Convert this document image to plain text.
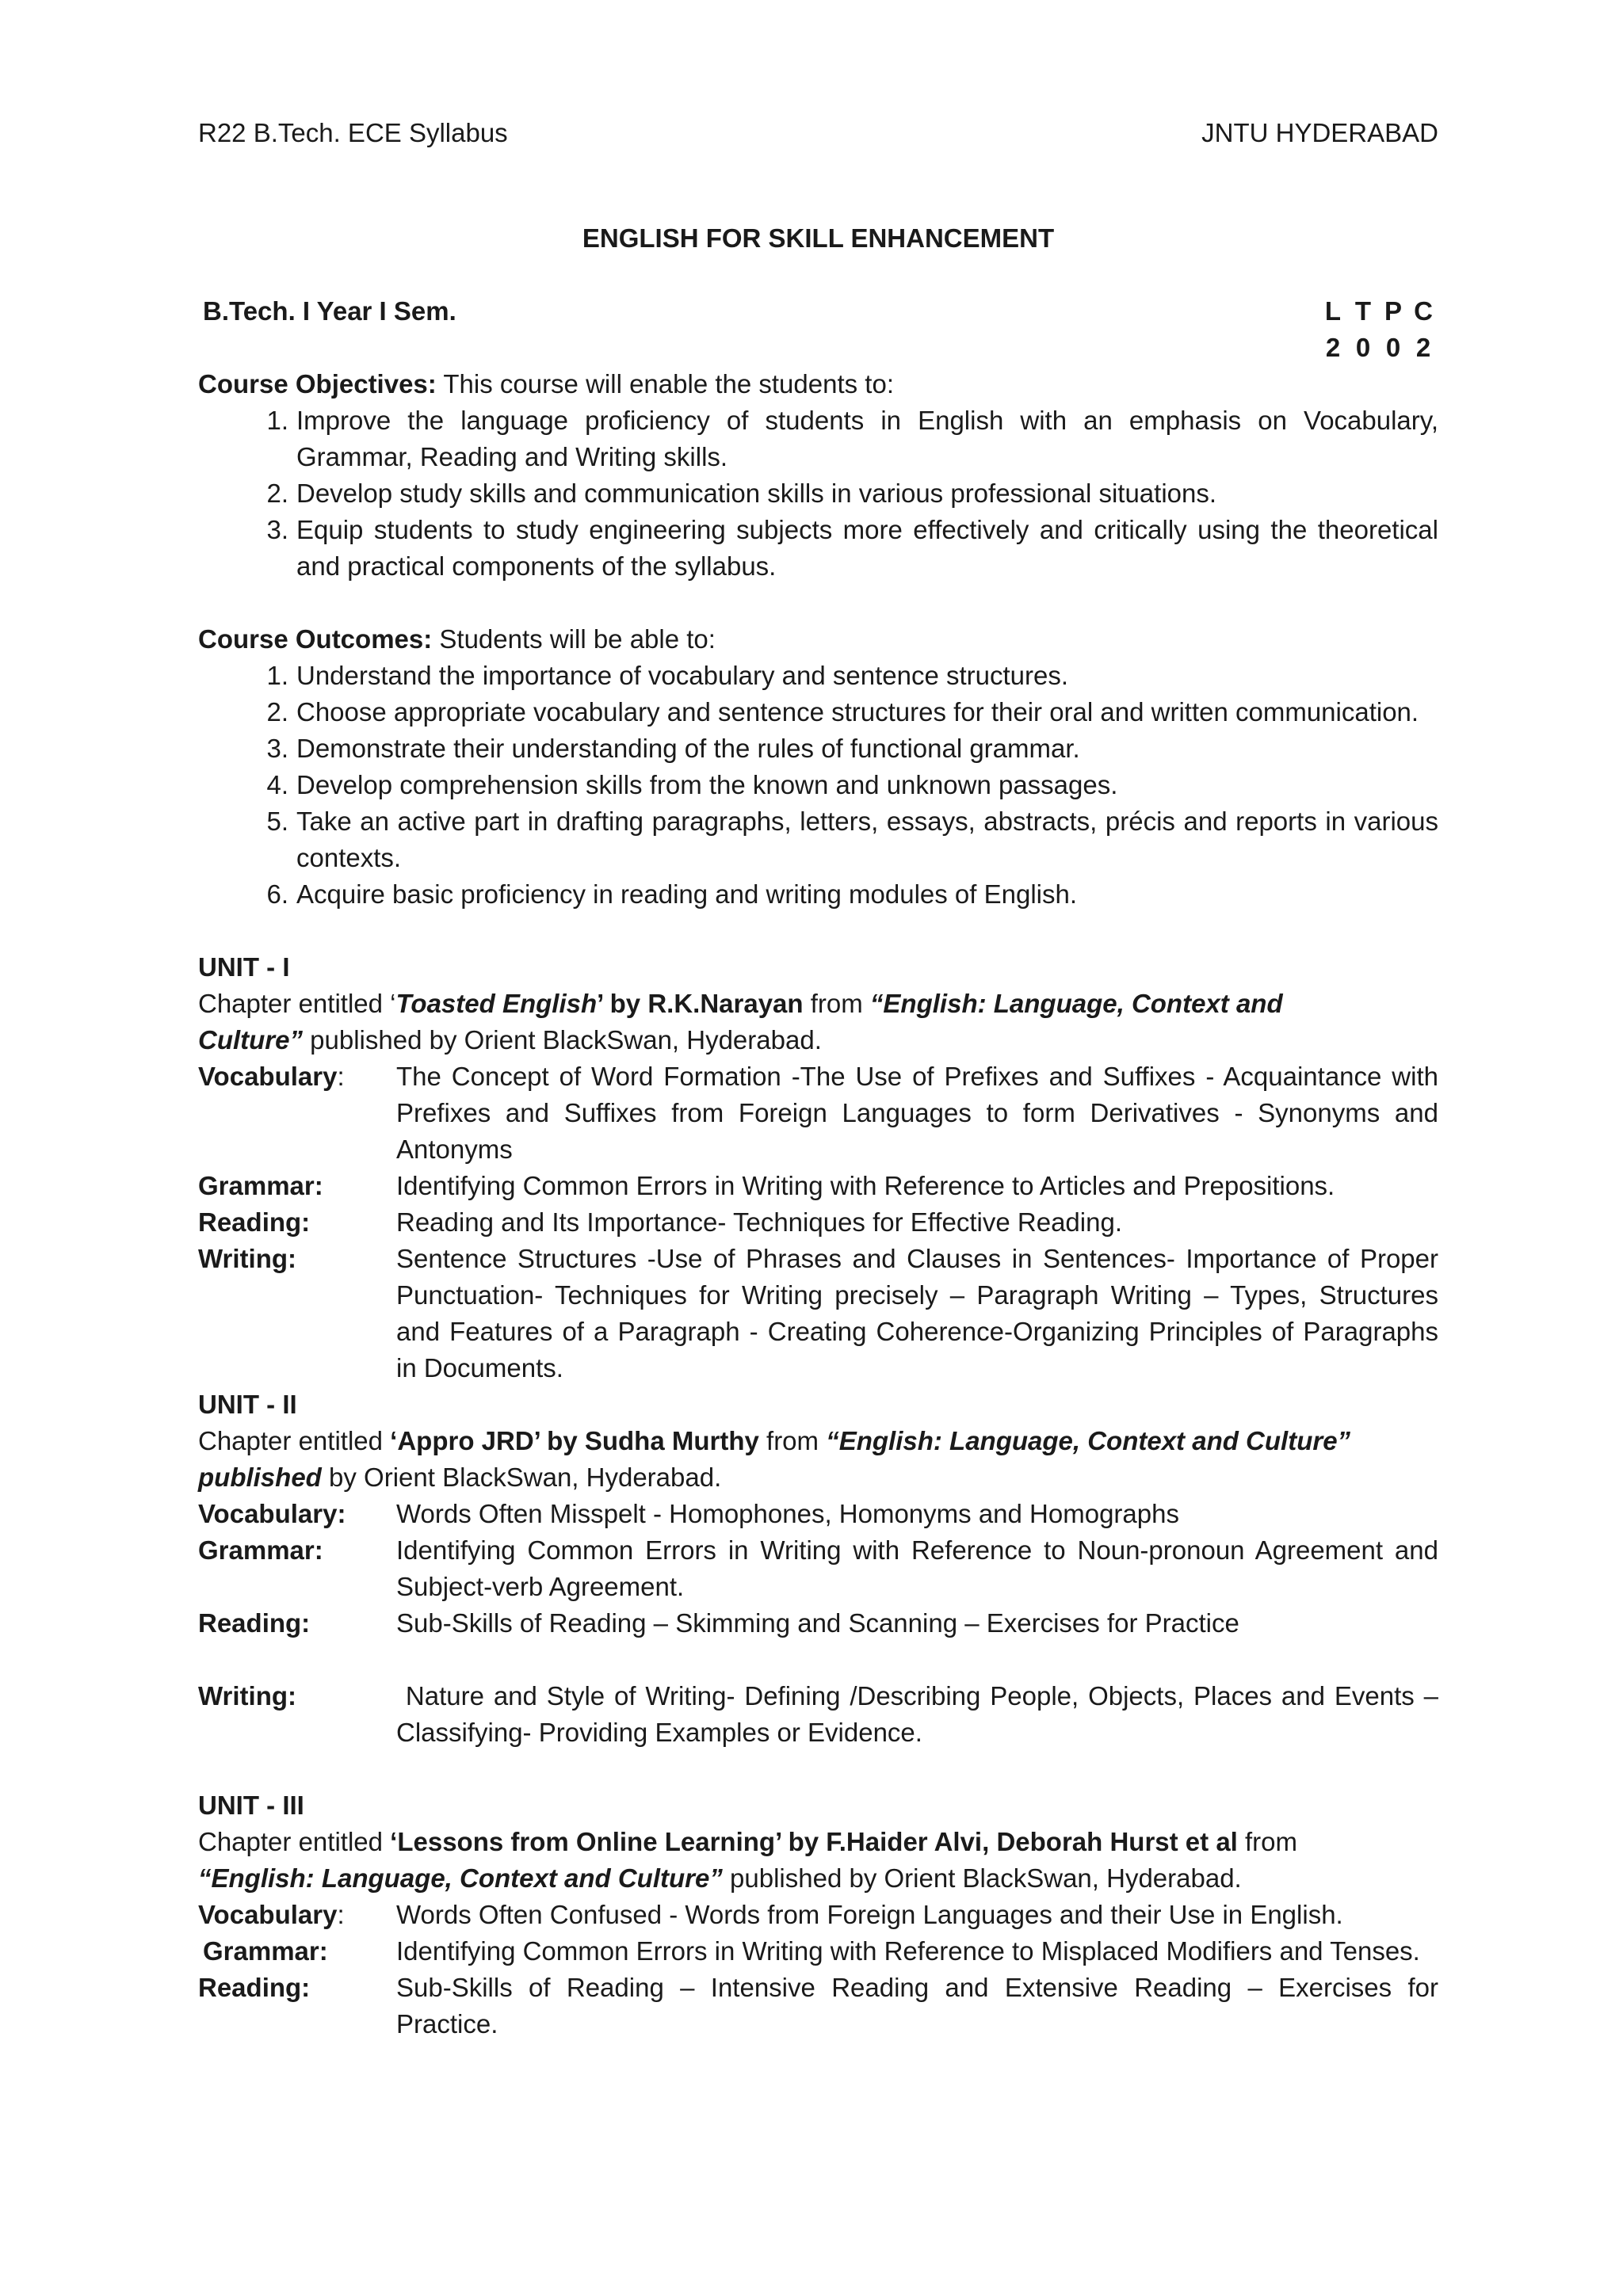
R22 B.Tech. ECE Syllabus	JNTU HYDERABAD
ENGLISH FOR SKILL ENHANCEMENT
B.Tech. I Year I Sem.	L T P C
2 0 0 2
Course Objectives: This course will enable the students to:
1. Improve the language proficiency of students in English with an emphasis on Vocabulary, Grammar, Reading and Writing skills.
2. Develop study skills and communication skills in various professional situations.
3. Equip students to study engineering subjects more effectively and critically using the theoretical and practical components of the syllabus.
Course Outcomes: Students will be able to:
1. Understand the importance of vocabulary and sentence structures.
2. Choose appropriate vocabulary and sentence structures for their oral and written communication.
3. Demonstrate their understanding of the rules of functional grammar.
4. Develop comprehension skills from the known and unknown passages.
5. Take an active part in drafting paragraphs, letters, essays, abstracts, précis and reports in various contexts.
6. Acquire basic proficiency in reading and writing modules of English.
UNIT - I
Chapter entitled ‘Toasted English’ by R.K.Narayan from “English: Language, Context and
Culture” published by Orient BlackSwan, Hyderabad.
Vocabulary:	The Concept of Word Formation -The Use of Prefixes and Suffixes - Acquaintance with Prefixes and Suffixes from Foreign Languages to form Derivatives - Synonyms and Antonyms
Grammar:	Identifying Common Errors in Writing with Reference to Articles and Prepositions.
Reading:	Reading and Its Importance- Techniques for Effective Reading.
Writing:	Sentence Structures -Use of Phrases and Clauses in Sentences- Importance of Proper Punctuation- Techniques for Writing precisely – Paragraph Writing – Types, Structures and Features of a Paragraph - Creating Coherence-Organizing Principles of Paragraphs in Documents.
UNIT - II
Chapter entitled ‘Appro JRD’ by Sudha Murthy from “English: Language, Context and Culture”
published by Orient BlackSwan, Hyderabad.
Vocabulary:	Words Often Misspelt - Homophones, Homonyms and Homographs
Grammar:	Identifying Common Errors in Writing with Reference to Noun-pronoun Agreement and Subject-verb Agreement.
Reading:	Sub-Skills of Reading – Skimming and Scanning – Exercises for Practice
Writing:	Nature and Style of Writing- Defining /Describing People, Objects, Places and Events – Classifying- Providing Examples or Evidence.
UNIT - III
Chapter entitled ‘Lessons from Online Learning’ by F.Haider Alvi, Deborah Hurst et al from
“English: Language, Context and Culture” published by Orient BlackSwan, Hyderabad.
Vocabulary:	Words Often Confused - Words from Foreign Languages and their Use in English.
Grammar:	Identifying Common Errors in Writing with Reference to Misplaced Modifiers and Tenses.
Reading:	Sub-Skills of Reading – Intensive Reading and Extensive Reading – Exercises for Practice.
